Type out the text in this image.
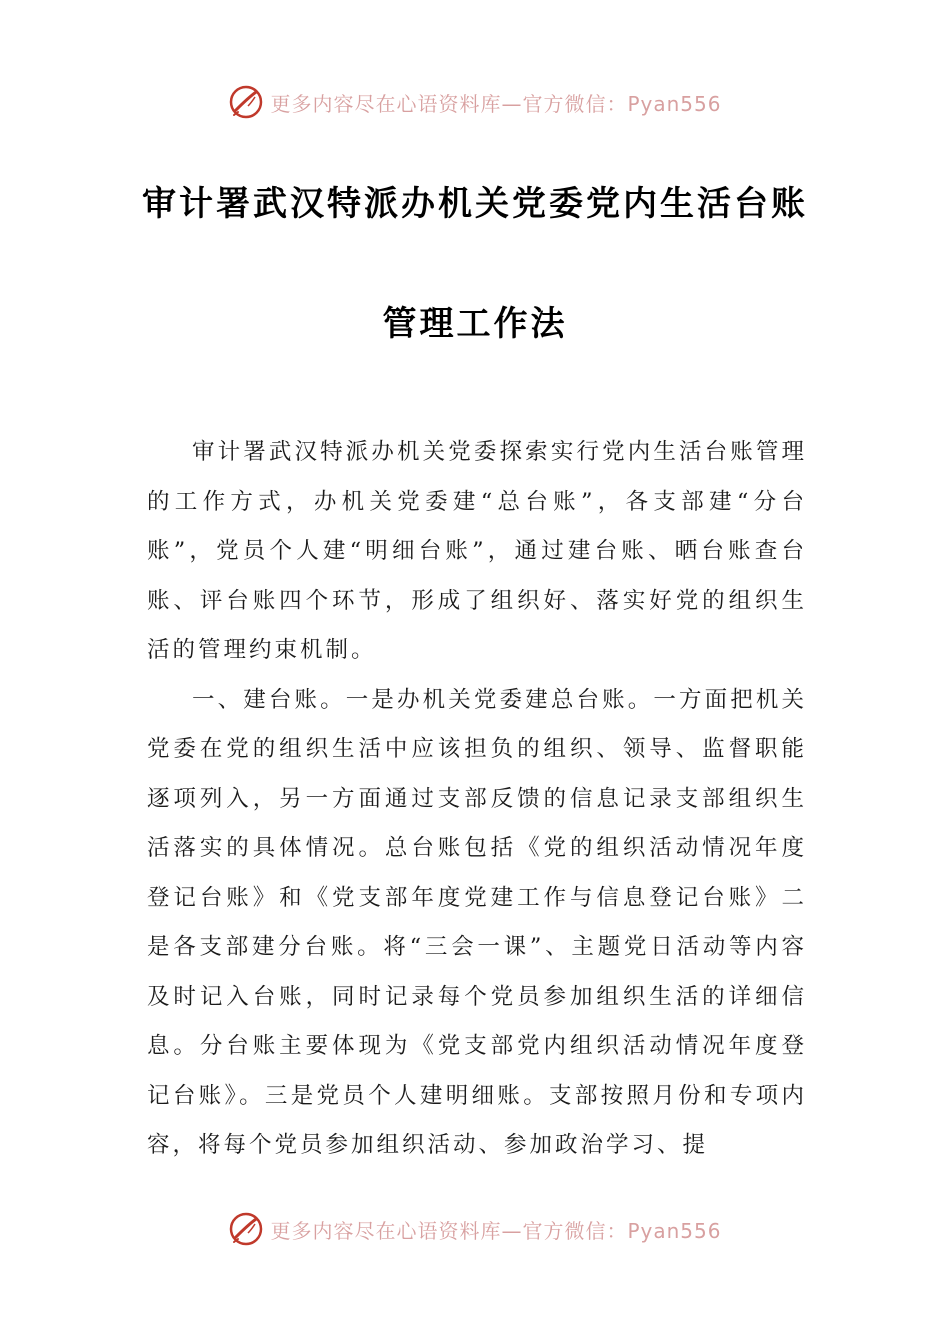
更多内容尽在心语资料库—官方微信：Pyan556
审计署武汉特派办机关党委党内生活台账
管理工作法

审计署武汉特派办机关党委探索实行党内生活台账管理的工作方式，办机关党委建“总台账”，各支部建“分台账”，党员个人建“明细台账”，通过建台账、晒台账查台账、评台账四个环节，形成了组织好、落实好党的组织生活的管理约束机制。

一、建台账。一是办机关党委建总台账。一方面把机关党委在党的组织生活中应该担负的组织、领导、监督职能逐项列入，另一方面通过支部反馈的信息记录支部组织生活落实的具体情况。总台账包括《党的组织活动情况年度登记台账》和《党支部年度党建工作与信息登记台账》二是各支部建分台账。将“三会一课”、主题党日活动等内容及时记入台账，同时记录每个党员参加组织生活的详细信息。分台账主要体现为《党支部党内组织活动情况年度登记台账》。三是党员个人建明细账。支部按照月份和专项内容，将每个党员参加组织活动、参加政治学习、提

更多内容尽在心语资料库—官方微信：Pyan556
